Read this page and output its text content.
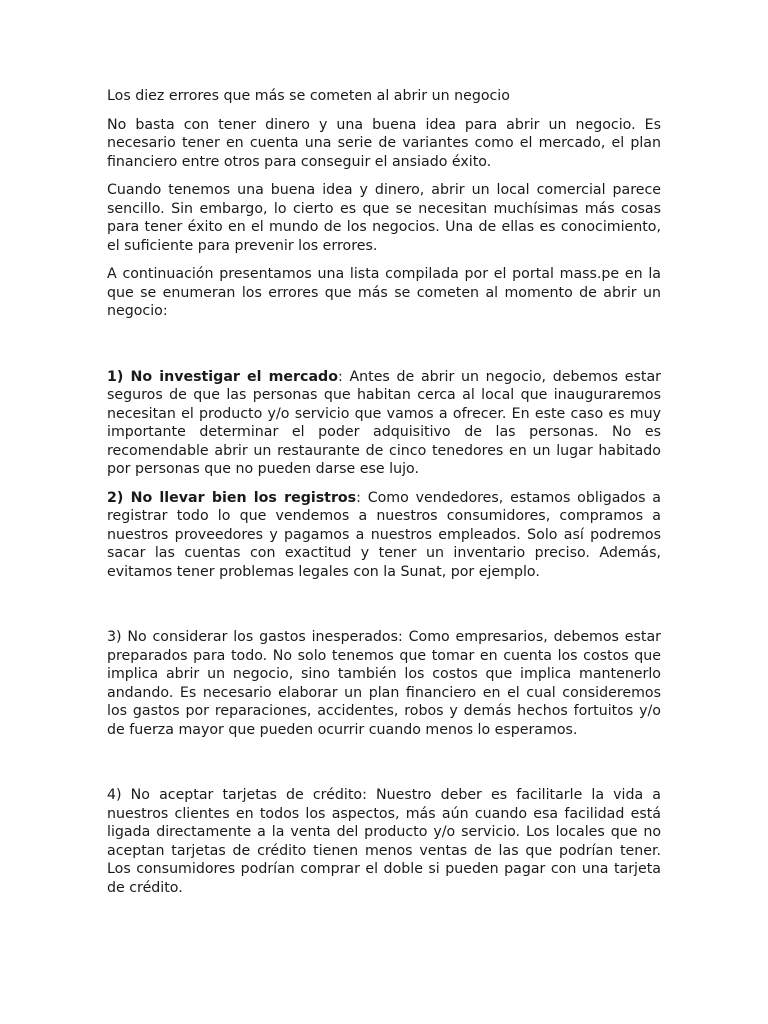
Los diez errores que más se cometen al abrir un negocio

No basta con tener dinero y una buena idea para abrir un negocio. Es necesario tener en cuenta una serie de variantes como el mercado, el plan financiero entre otros para conseguir el ansiado éxito.

Cuando tenemos una buena idea y dinero, abrir un local comercial parece sencillo. Sin embargo, lo cierto es que se necesitan muchísimas más cosas para tener éxito en el mundo de los negocios. Una de ellas es conocimiento, el suficiente para prevenir los errores.

A continuación presentamos una lista compilada por el portal mass.pe en la que se enumeran los errores que más se cometen al momento de abrir un negocio:

1) No investigar el mercado: Antes de abrir un negocio, debemos estar seguros de que las personas que habitan cerca al local que inauguraremos necesitan el producto y/o servicio que vamos a ofrecer. En este caso es muy importante determinar el poder adquisitivo de las personas. No es recomendable abrir un restaurante de cinco tenedores en un lugar habitado por personas que no pueden darse ese lujo.

2) No llevar bien los registros: Como vendedores, estamos obligados a registrar todo lo que vendemos a nuestros consumidores, compramos a nuestros proveedores y pagamos a nuestros empleados. Solo así podremos sacar las cuentas con exactitud y tener un inventario preciso. Además, evitamos tener problemas legales con la Sunat, por ejemplo.

3) No considerar los gastos inesperados: Como empresarios, debemos estar preparados para todo. No solo tenemos que tomar en cuenta los costos que implica abrir un negocio, sino también los costos que implica mantenerlo andando. Es necesario elaborar un plan financiero en el cual consideremos los gastos por reparaciones, accidentes, robos y demás hechos fortuitos y/o de fuerza mayor que pueden ocurrir cuando menos lo esperamos.

4) No aceptar tarjetas de crédito: Nuestro deber es facilitarle la vida a nuestros clientes en todos los aspectos, más aún cuando esa facilidad está ligada directamente a la venta del producto y/o servicio. Los locales que no aceptan tarjetas de crédito tienen menos ventas de las que podrían tener. Los consumidores podrían comprar el doble si pueden pagar con una tarjeta de crédito.
